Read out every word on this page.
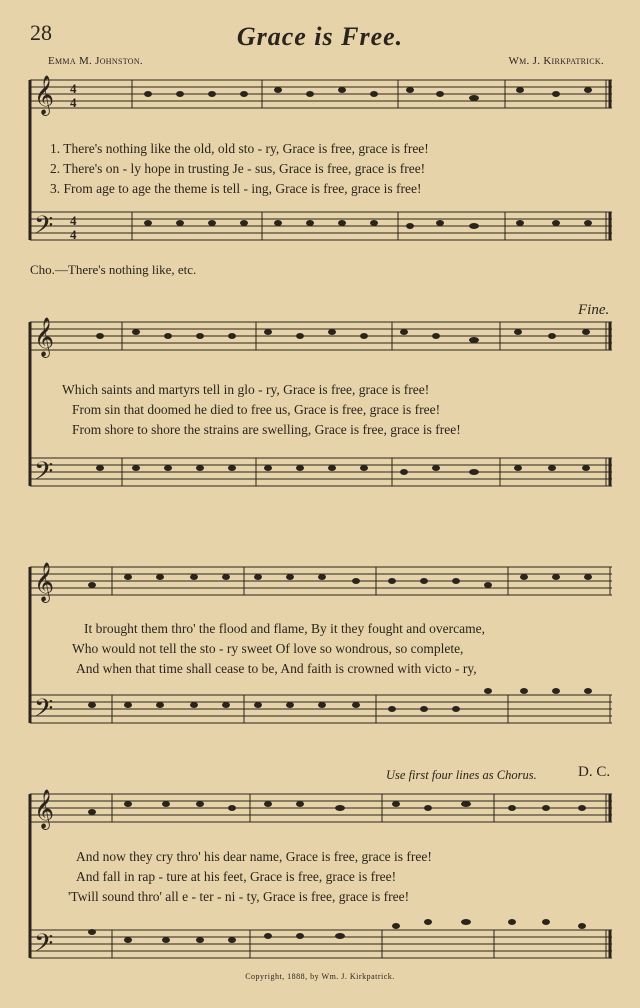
28	Grace is Free.
Emma M. Johnston.	Wm. J. Kirkpatrick.
𝄞
𝄢
4
4
4
4
1. There's nothing like the old, old sto - ry, Grace is free, grace is free!
2. There's on - ly hope in trusting Je - sus, Grace is free, grace is free!
3. From age to age the theme is tell - ing, Grace is free, grace is free!
Cho.—There's nothing like, etc.
Fine.
𝄞
𝄢
Which saints and martyrs tell in glo - ry, Grace is free, grace is free!
From sin that doomed he died to free us, Grace is free, grace is free!
From shore to shore the strains are swelling, Grace is free, grace is free!
𝄞
𝄢
It brought them thro' the flood and flame, By it they fought and overcame,
Who would not tell the sto - ry sweet Of love so wondrous, so complete,
And when that time shall cease to be, And faith is crowned with victo - ry,
Use first four lines as Chorus.	D. C.
𝄞
𝄢
And now they cry thro' his dear name, Grace is free, grace is free!
And fall in rap - ture at his feet, Grace is free, grace is free!
'Twill sound thro' all e - ter - ni - ty, Grace is free, grace is free!
Copyright, 1888, by Wm. J. Kirkpatrick.
